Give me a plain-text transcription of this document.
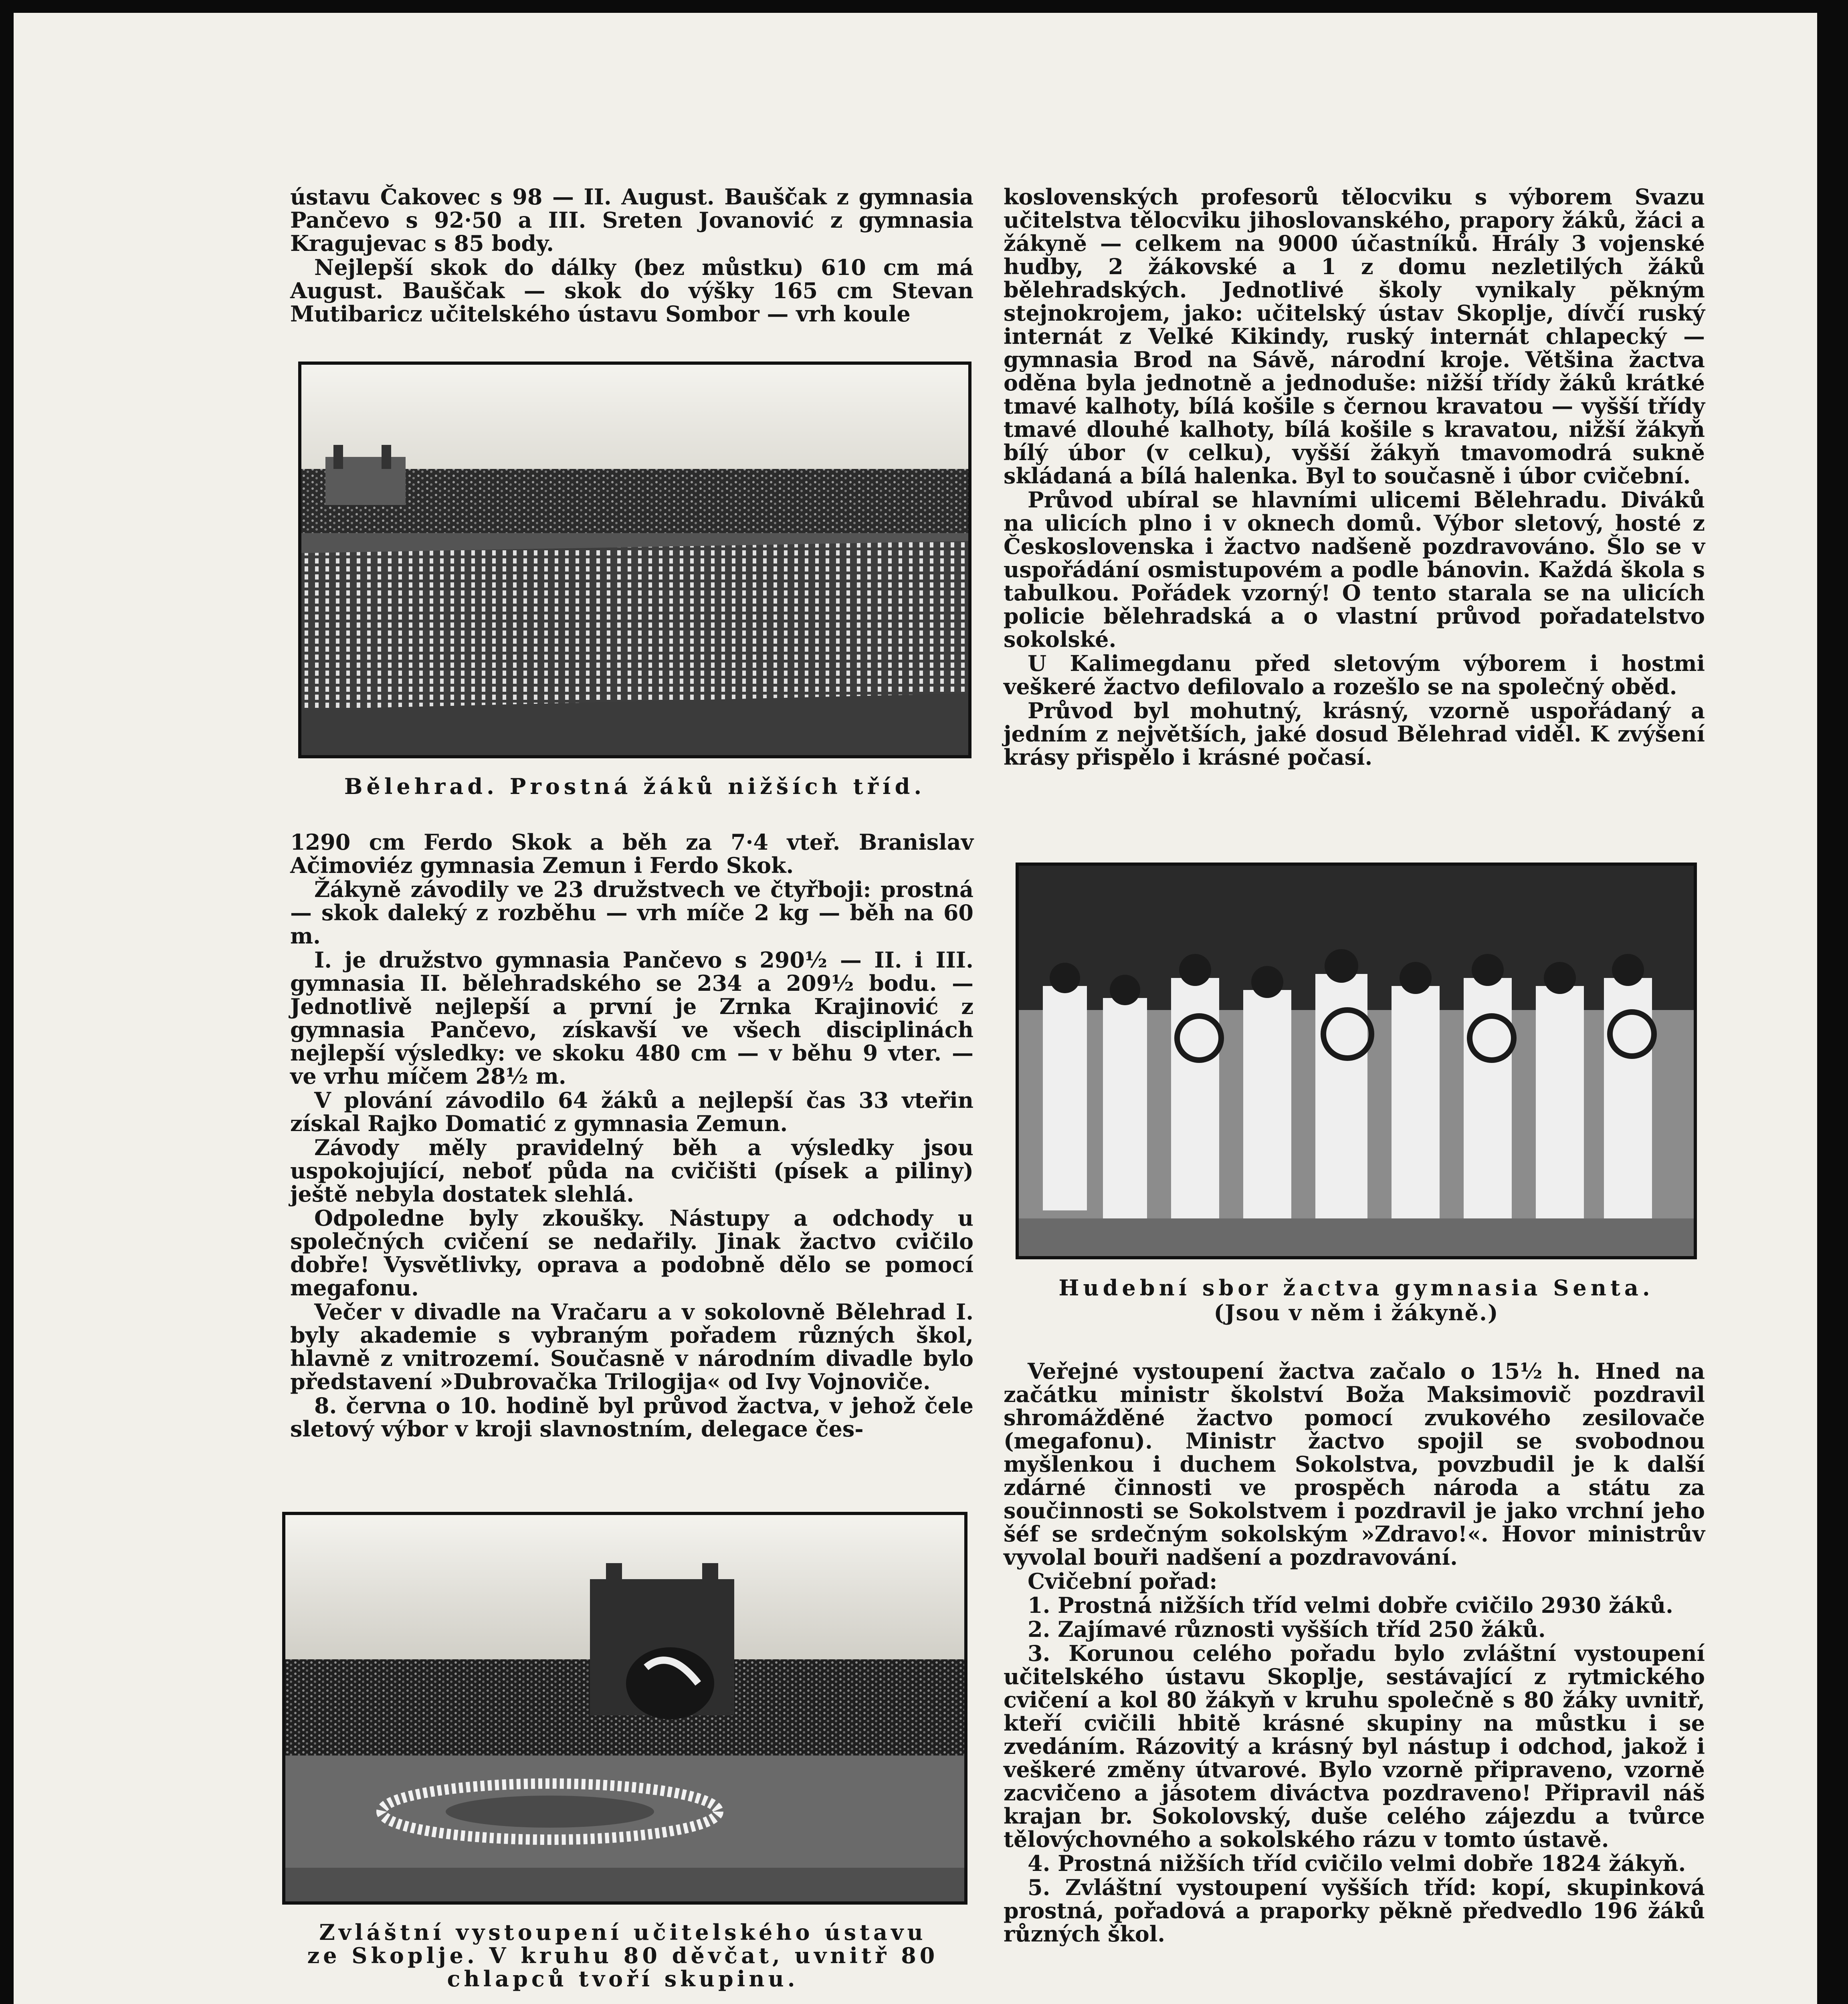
ústavu Čakovec s 98 — II. August. Bauščak z gymnasia Pančevo s 92·50 a III. Sreten Jovanović z gymnasia Kragujevac s 85 body.

Nejlepší skok do dálky (bez můstku) 610 cm má August. Bauščak — skok do výšky 165 cm Stevan Mutibaricz učitelského ústavu Sombor — vrh koule

Bělehrad. Prostná žáků nižších tříd.

1290 cm Ferdo Skok a běh za 7·4 vteř. Branislav Ačimoviéz gymnasia Zemun i Ferdo Skok.

Žákyně závodily ve 23 družstvech ve čtyřboji: prostná — skok daleký z rozběhu — vrh míče 2 kg — běh na 60 m.

I. je družstvo gymnasia Pančevo s 290½ — II. i III. gymnasia II. bělehradského se 234 a 209½ bodu. — Jednotlivě nejlepší a první je Zrnka Krajinović z gymnasia Pančevo, získavší ve všech disciplinách nejlepší výsledky: ve skoku 480 cm — v běhu 9 vter. — ve vrhu míčem 28½ m.

V plování závodilo 64 žáků a nejlepší čas 33 vteřin získal Rajko Domatić z gymnasia Zemun.

Závody měly pravidelný běh a výsledky jsou uspokojující, neboť půda na cvičišti (písek a piliny) ještě nebyla dostatek slehlá.

Odpoledne byly zkoušky. Nástupy a odchody u společných cvičení se nedařily. Jinak žactvo cvičilo dobře! Vysvětlivky, oprava a podobně dělo se pomocí megafonu.

Večer v divadle na Vračaru a v sokolovně Bělehrad I. byly akademie s vybraným pořadem různých škol, hlavně z vnitrozemí. Současně v národním divadle bylo představení »Dubrovačka Trilogija« od Ivy Vojnoviče.

8. června o 10. hodině byl průvod žactva, v jehož čele sletový výbor v kroji slavnostním, delegace čes-

Zvláštní vystoupení učitelského ústavu
ze Skoplje. V kruhu 80 děvčat, uvnitř 80
chlapců tvoří skupinu.

koslovenských profesorů tělocviku s výborem Svazu učitelstva tělocviku jihoslovanského, prapory žáků, žáci a žákyně — celkem na 9000 účastníků. Hrály 3 vojenské hudby, 2 žákovské a 1 z domu nezletilých žáků bělehradských. Jednotlivé školy vynikaly pěkným stejnokrojem, jako: učitelský ústav Skoplje, dívčí ruský internát z Velké Kikindy, ruský internát chlapecký — gymnasia Brod na Sávě, národní kroje. Většina žactva oděna byla jednotně a jednoduše: nižší třídy žáků krátké tmavé kalhoty, bílá košile s černou kravatou — vyšší třídy tmavé dlouhé kalhoty, bílá košile s kravatou, nižší žákyň bílý úbor (v celku), vyšší žákyň tmavomodrá sukně skládaná a bílá halenka. Byl to současně i úbor cvičební.

Průvod ubíral se hlavními ulicemi Bělehradu. Diváků na ulicích plno i v oknech domů. Výbor sletový, hosté z Československa i žactvo nadšeně pozdravováno. Šlo se v uspořádání osmistupovém a podle bánovin. Každá škola s tabulkou. Pořádek vzorný! O tento starala se na ulicích policie bělehradská a o vlastní průvod pořadatelstvo sokolské.

U Kalimegdanu před sletovým výborem i hostmi veškeré žactvo defilovalo a rozešlo se na společný oběd.

Průvod byl mohutný, krásný, vzorně uspořádaný a jedním z největších, jaké dosud Bělehrad viděl. K zvýšení krásy přispělo i krásné počasí.

Hudební sbor žactva gymnasia Senta.
(Jsou v něm i žákyně.)

Veřejné vystoupení žactva začalo o 15½ h. Hned na začátku ministr školství Boža Maksimovič pozdravil shromážděné žactvo pomocí zvukového zesilovače (megafonu). Ministr žactvo spojil se svobodnou myšlenkou i duchem Sokolstva, povzbudil je k další zdárné činnosti ve prospěch národa a státu za součinnosti se Sokolstvem i pozdravil je jako vrchní jeho šéf se srdečným sokolským »Zdravo!«. Hovor ministrův vyvolal bouři nadšení a pozdravování.

Cvičební pořad:

1. Prostná nižších tříd velmi dobře cvičilo 2930 žáků.

2. Zajímavé různosti vyšších tříd 250 žáků.

3. Korunou celého pořadu bylo zvláštní vystoupení učitelského ústavu Skoplje, sestávající z rytmického cvičení a kol 80 žákyň v kruhu společně s 80 žáky uvnitř, kteří cvičili hbitě krásné skupiny na můstku i se zvedáním. Rázovitý a krásný byl nástup i odchod, jakož i veškeré změny útvarové. Bylo vzorně připraveno, vzorně zacvičeno a jásotem diváctva pozdraveno! Připravil náš krajan br. Sokolovský, duše celého zájezdu a tvůrce tělovýchovného a sokolského rázu v tomto ústavě.

4. Prostná nižších tříd cvičilo velmi dobře 1824 žákyň.

5. Zvláštní vystoupení vyšších tříd: kopí, skupinková prostná, pořadová a praporky pěkně předvedlo 196 žáků různých škol.
